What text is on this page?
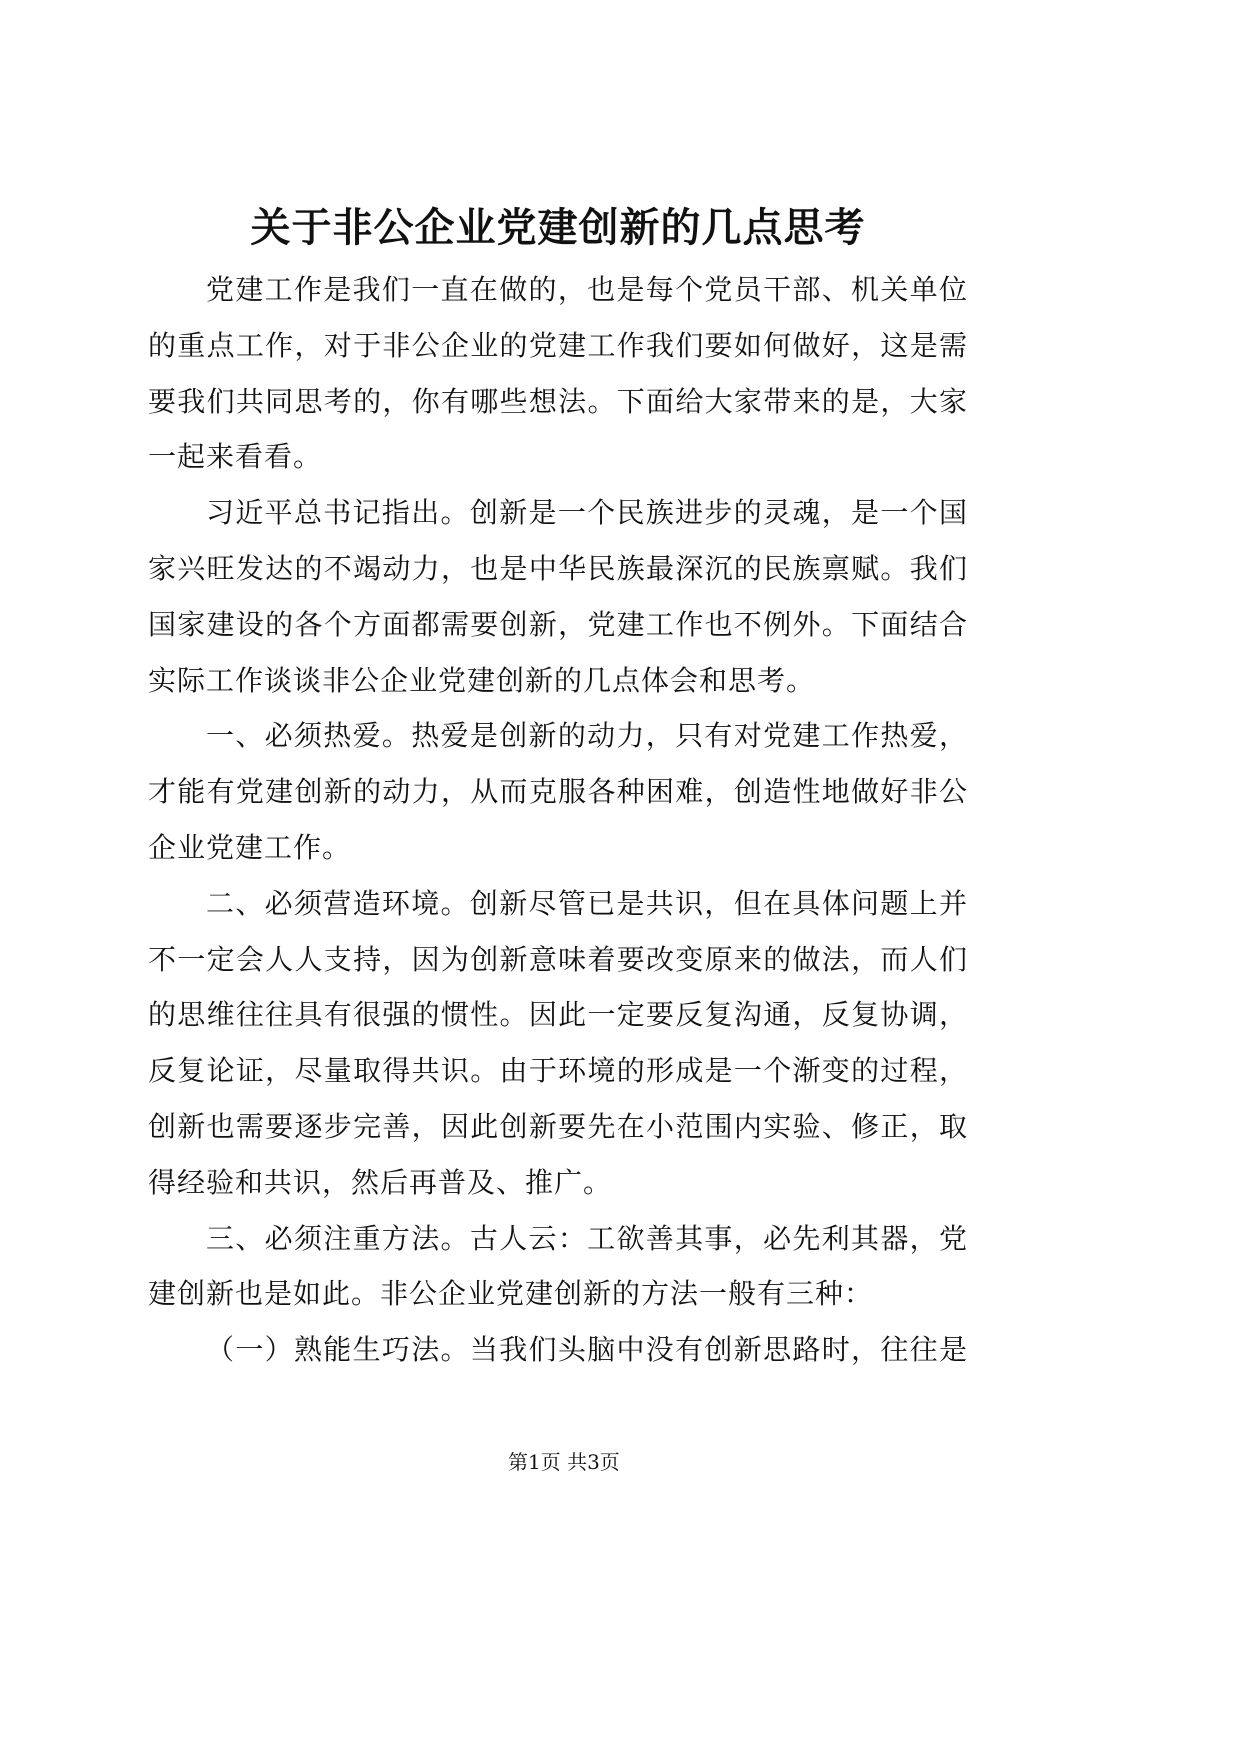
关于非公企业党建创新的几点思考
党建工作是我们一直在做的，也是每个党员干部、机关单位
的重点工作，对于非公企业的党建工作我们要如何做好，这是需
要我们共同思考的，你有哪些想法。下面给大家带来的是，大家
一起来看看。
习近平总书记指出。创新是一个民族进步的灵魂，是一个国
家兴旺发达的不竭动力，也是中华民族最深沉的民族禀赋。我们
国家建设的各个方面都需要创新，党建工作也不例外。下面结合
实际工作谈谈非公企业党建创新的几点体会和思考。
一、必须热爱。热爱是创新的动力，只有对党建工作热爱，
才能有党建创新的动力，从而克服各种困难，创造性地做好非公
企业党建工作。
二、必须营造环境。创新尽管已是共识，但在具体问题上并
不一定会人人支持，因为创新意味着要改变原来的做法，而人们
的思维往往具有很强的惯性。因此一定要反复沟通，反复协调，
反复论证，尽量取得共识。由于环境的形成是一个渐变的过程，
创新也需要逐步完善，因此创新要先在小范围内实验、修正，取
得经验和共识，然后再普及、推广。
三、必须注重方法。古人云：工欲善其事，必先利其器，党
建创新也是如此。非公企业党建创新的方法一般有三种：
（一）熟能生巧法。当我们头脑中没有创新思路时，往往是
第1页 共3页
